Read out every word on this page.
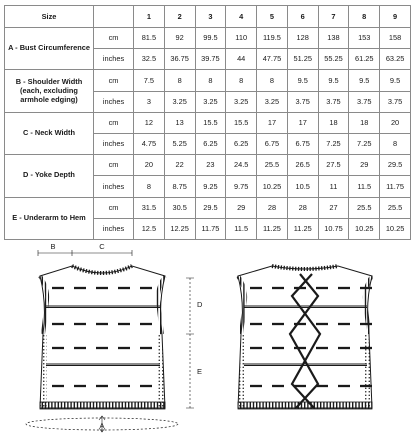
Size		1	2	3	4	5	6	7	8	9
A - Bust Circumference	cm	81.5	92	99.5	110	119.5	128	138	153	158
	inches	32.5	36.75	39.75	44	47.75	51.25	55.25	61.25	63.25
B - Shoulder Width (each, excluding armhole edging)	cm	7.5	8	8	8	8	9.5	9.5	9.5	9.5
	inches	3	3.25	3.25	3.25	3.25	3.75	3.75	3.75	3.75
C - Neck Width	cm	12	13	15.5	15.5	17	17	18	18	20
	inches	4.75	5.25	6.25	6.25	6.75	6.75	7.25	7.25	8
D - Yoke Depth	cm	20	22	23	24.5	25.5	26.5	27.5	29	29.5
	inches	8	8.75	9.25	9.75	10.25	10.5	11	11.5	11.75
E - Underarm to Hem	cm	31.5	30.5	29.5	29	28	28	27	25.5	25.5
	inches	12.5	12.25	11.75	11.5	11.25	11.25	10.75	10.25	10.25
B	C
D
E
A
